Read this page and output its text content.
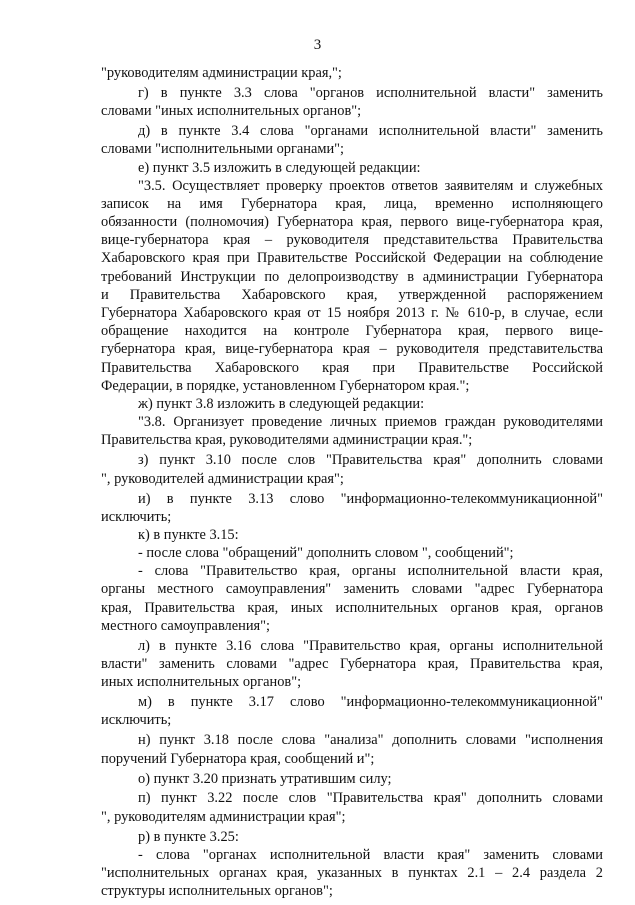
3
"руководителям администрации края,";
г) в пункте 3.3 слова "органов исполнительной власти" заменить
словами "иных исполнительных органов";
д) в пункте 3.4 слова "органами исполнительной власти" заменить
словами "исполнительными органами";
е) пункт 3.5 изложить в следующей редакции:
"3.5. Осуществляет проверку проектов ответов заявителям и служебных
записок на имя Губернатора края, лица, временно исполняющего
обязанности (полномочия) Губернатора края, первого вице-губернатора края,
вице-губернатора края – руководителя представительства Правительства
Хабаровского края при Правительстве Российской Федерации на соблюдение
требований Инструкции по делопроизводству в администрации Губернатора
и Правительства Хабаровского края, утвержденной распоряжением
Губернатора Хабаровского края от 15 ноября 2013 г. № 610-р, в случае, если
обращение находится на контроле Губернатора края, первого вице-
губернатора края, вице-губернатора края – руководителя представительства
Правительства Хабаровского края при Правительстве Российской
Федерации, в порядке, установленном Губернатором края.";
ж) пункт 3.8 изложить в следующей редакции:
"3.8. Организует проведение личных приемов граждан руководителями
Правительства края, руководителями администрации края.";
з) пункт 3.10 после слов "Правительства края" дополнить словами
", руководителей администрации края";
и) в пункте 3.13 слово "информационно-телекоммуникационной"
исключить;
к) в пункте 3.15:
- после слова "обращений" дополнить словом ", сообщений";
- слова "Правительство края, органы исполнительной власти края,
органы местного самоуправления" заменить словами "адрес Губернатора
края, Правительства края, иных исполнительных органов края, органов
местного самоуправления";
л) в пункте 3.16 слова "Правительство края, органы исполнительной
власти" заменить словами "адрес Губернатора края, Правительства края,
иных исполнительных органов";
м) в пункте 3.17 слово "информационно-телекоммуникационной"
исключить;
н) пункт 3.18 после слова "анализа" дополнить словами "исполнения
поручений Губернатора края, сообщений и";
о) пункт 3.20 признать утратившим силу;
п) пункт 3.22 после слов "Правительства края" дополнить словами
", руководителям администрации края";
р) в пункте 3.25:
- слова "органах исполнительной власти края" заменить словами
"исполнительных органах края, указанных в пунктах 2.1 – 2.4 раздела 2
структуры исполнительных органов";
